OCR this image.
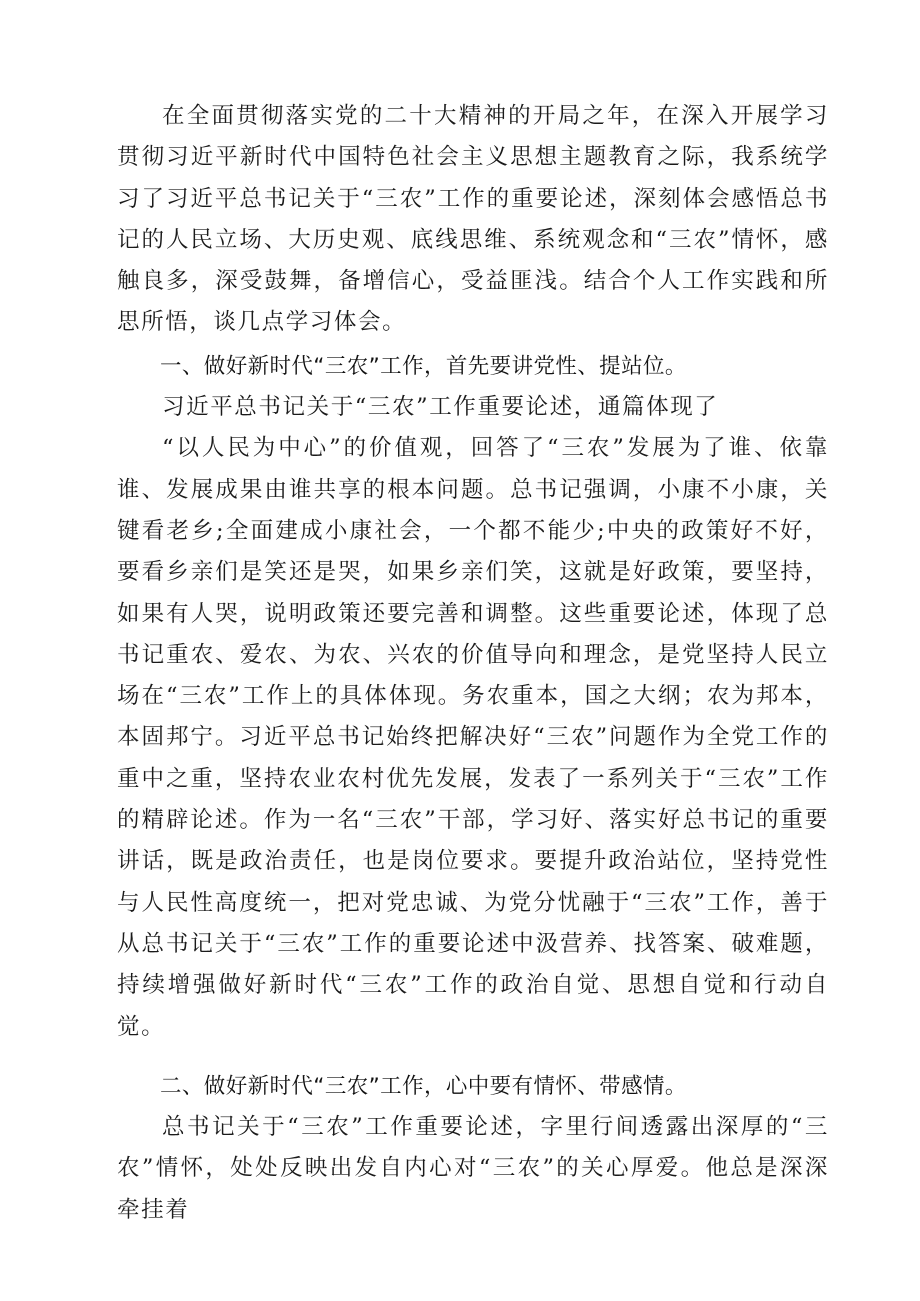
在全面贯彻落实党的二十大精神的开局之年，在深入开展学习贯彻习近平新时代中国特色社会主义思想主题教育之际，我系统学习了习近平总书记关于“三农”工作的重要论述，深刻体会感悟总书记的人民立场、大历史观、底线思维、系统观念和“三农”情怀，感触良多，深受鼓舞，备增信心，受益匪浅。结合个人工作实践和所思所悟，谈几点学习体会。

一、做好新时代“三农”工作，首先要讲党性、提站位。

习近平总书记关于“三农”工作重要论述，通篇体现了

“以人民为中心”的价值观，回答了“三农”发展为了谁、依靠谁、发展成果由谁共享的根本问题。总书记强调，小康不小康，关键看老乡;全面建成小康社会，一个都不能少;中央的政策好不好，要看乡亲们是笑还是哭，如果乡亲们笑，这就是好政策，要坚持，如果有人哭，说明政策还要完善和调整。这些重要论述，体现了总书记重农、爱农、为农、兴农的价值导向和理念，是党坚持人民立场在“三农”工作上的具体体现。务农重本，国之大纲；农为邦本，本固邦宁。习近平总书记始终把解决好“三农”问题作为全党工作的重中之重，坚持农业农村优先发展，发表了一系列关于“三农”工作的精辟论述。作为一名“三农”干部，学习好、落实好总书记的重要讲话，既是政治责任，也是岗位要求。要提升政治站位，坚持党性与人民性高度统一，把对党忠诚、为党分忧融于“三农”工作，善于从总书记关于“三农”工作的重要论述中汲营养、找答案、破难题，持续增强做好新时代“三农”工作的政治自觉、思想自觉和行动自觉。

二、做好新时代“三农”工作，心中要有情怀、带感情。

总书记关于“三农”工作重要论述，字里行间透露出深厚的“三农”情怀，处处反映出发自内心对“三农”的关心厚爱。他总是深深牵挂着
